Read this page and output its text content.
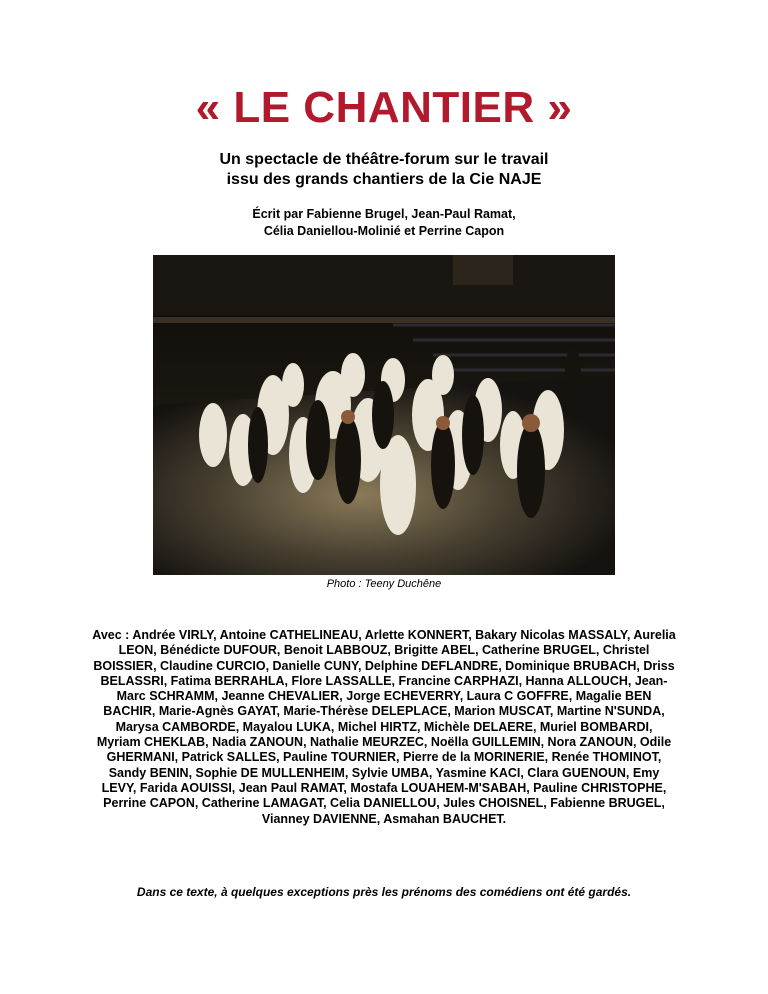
« LE CHANTIER »
Un spectacle de théâtre-forum sur le travail
issu des grands chantiers de la Cie NAJE
Écrit par Fabienne Brugel, Jean-Paul Ramat,
Célia Daniellou-Molinié et Perrine Capon
Photo : Teeny Duchêne
Avec : Andrée VIRLY, Antoine CATHELINEAU, Arlette KONNERT, Bakary Nicolas MASSALY, Aurelia LEON, Bénédicte DUFOUR, Benoit LABBOUZ, Brigitte ABEL, Catherine BRUGEL, Christel BOISSIER, Claudine CURCIO, Danielle CUNY, Delphine DEFLANDRE, Dominique BRUBACH, Driss BELASSRI, Fatima BERRAHLA, Flore LASSALLE, Francine CARPHAZI, Hanna ALLOUCH, Jean-Marc SCHRAMM, Jeanne CHEVALIER, Jorge ECHEVERRY, Laura C GOFFRE, Magalie BEN BACHIR, Marie-Agnès GAYAT, Marie-Thérèse DELEPLACE, Marion MUSCAT, Martine N'SUNDA, Marysa CAMBORDE, Mayalou LUKA, Michel HIRTZ, Michèle DELAERE, Muriel BOMBARDI, Myriam CHEKLAB, Nadia ZANOUN, Nathalie MEURZEC, Noëlla GUILLEMIN, Nora ZANOUN, Odile GHERMANI, Patrick SALLES, Pauline TOURNIER, Pierre de la MORINERIE, Renée THOMINOT, Sandy BENIN, Sophie DE MULLENHEIM, Sylvie UMBA, Yasmine KACI, Clara GUENOUN, Emy LEVY, Farida AOUISSI, Jean Paul RAMAT, Mostafa LOUAHEM-M'SABAH, Pauline CHRISTOPHE, Perrine CAPON, Catherine LAMAGAT, Celia DANIELLOU, Jules CHOISNEL, Fabienne BRUGEL, Vianney DAVIENNE, Asmahan BAUCHET.
Dans ce texte, à quelques exceptions près les prénoms des comédiens ont été gardés.
